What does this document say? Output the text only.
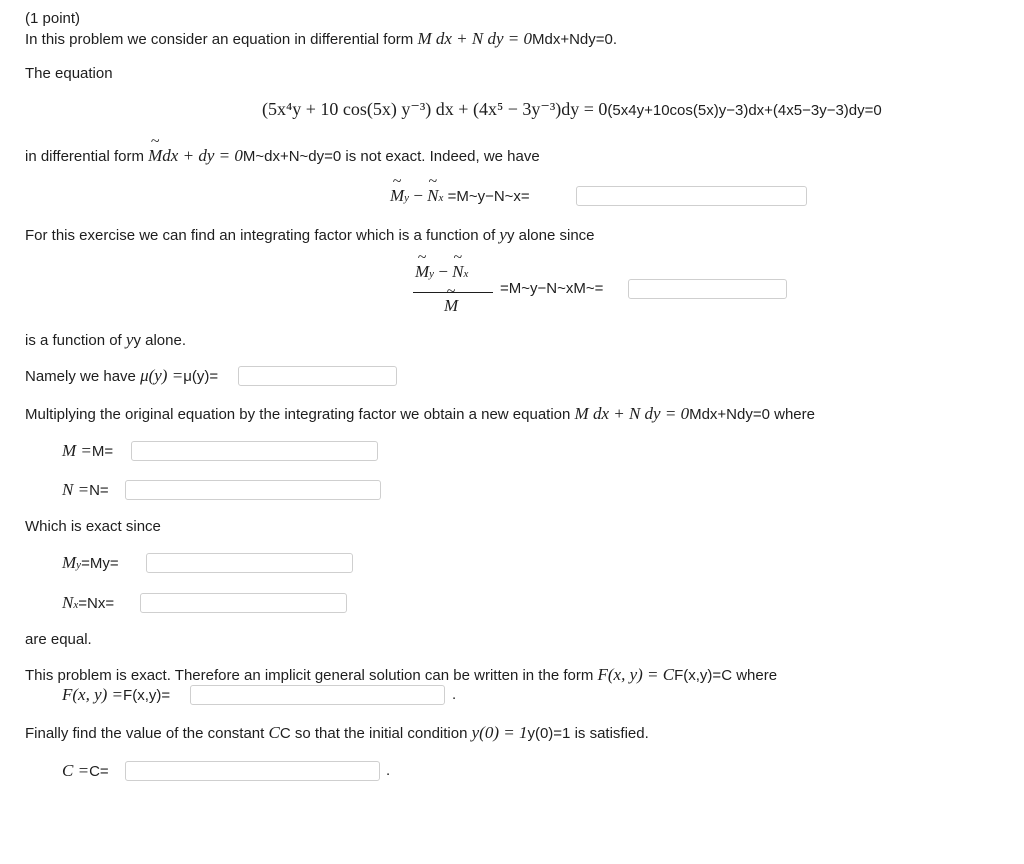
(1 point)
In this problem we consider an equation in differential form M dx + N dy = 0Mdx+Ndy=0.
The equation
(5x⁴y + 10 cos(5x) y⁻³) dx + (4x⁵ − 3y⁻³)dy = 0(5x4y+10cos(5x)y−3)dx+(4x5−3y−3)dy=0
in differential form ~ Mdx + dy = 0M~dx+N~dy=0 is not exact. Indeed, we have
~ My − ~ Nx =M~y−N~x=
For this exercise we can find an integrating factor which is a function of yy alone since
~ My − ~ Nx
~ M
=M~y−N~xM~=
is a function of yy alone.
Namely we have μ(y) =μ(y)=
Multiplying the original equation by the integrating factor we obtain a new equation M dx + N dy = 0Mdx+Ndy=0 where
M =M=
N =N=
Which is exact since
My=My=
Nx=Nx=
are equal.
This problem is exact. Therefore an implicit general solution can be written in the form F(x, y) = CF(x,y)=C where
F(x, y) =F(x,y)=	.
Finally find the value of the constant CC so that the initial condition y(0) = 1y(0)=1 is satisfied.
C =C=	.
